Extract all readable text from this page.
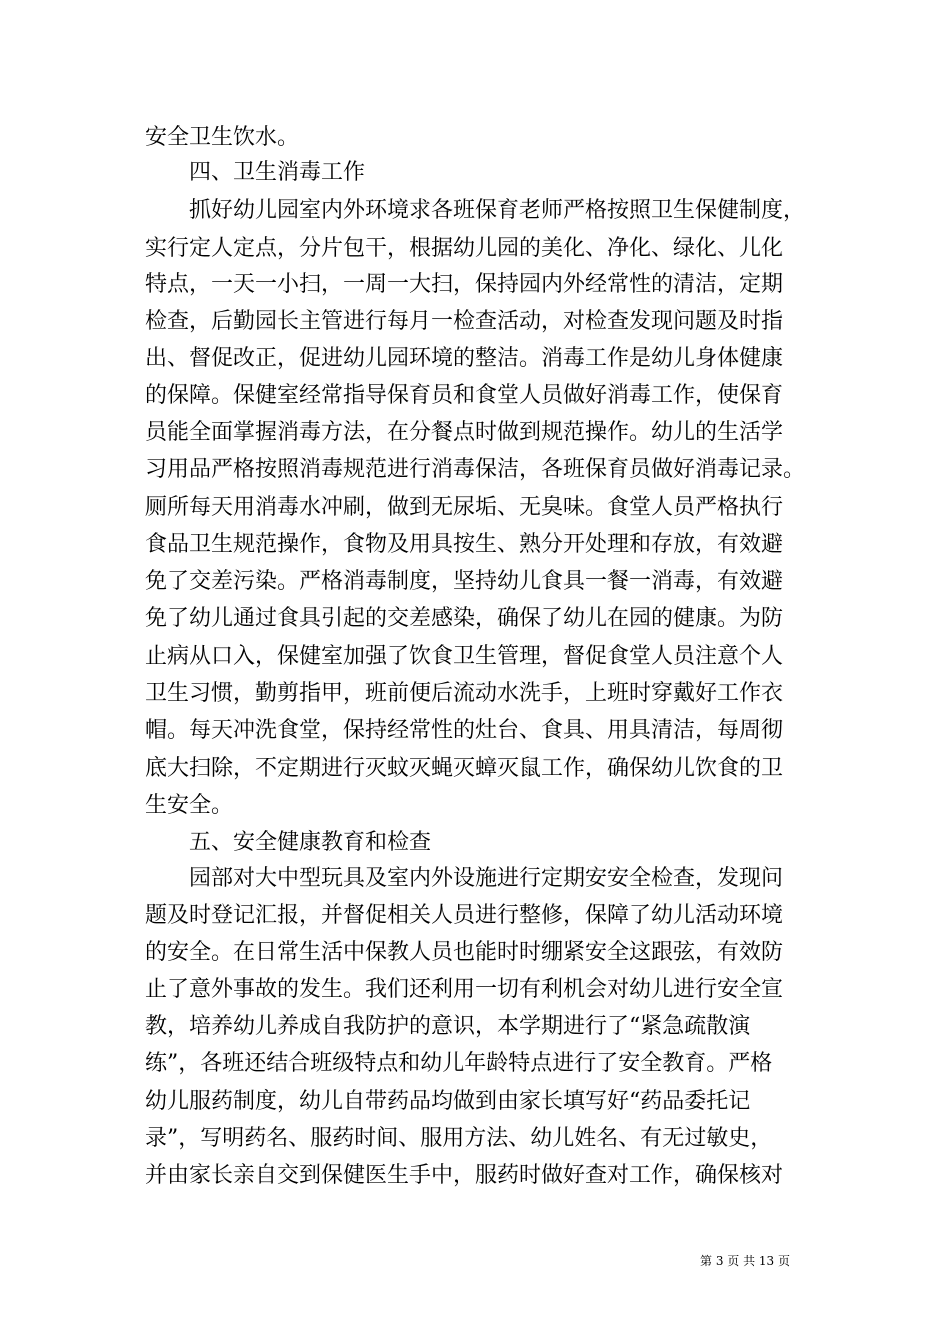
安全卫生饮水。
四、卫生消毒工作
抓好幼儿园室内外环境求各班保育老师严格按照卫生保健制度，
实行定人定点，分片包干，根据幼儿园的美化、净化、绿化、儿化
特点，一天一小扫，一周一大扫，保持园内外经常性的清洁，定期
检查，后勤园长主管进行每月一检查活动，对检查发现问题及时指
出、督促改正，促进幼儿园环境的整洁。消毒工作是幼儿身体健康
的保障。保健室经常指导保育员和食堂人员做好消毒工作，使保育
员能全面掌握消毒方法，在分餐点时做到规范操作。幼儿的生活学
习用品严格按照消毒规范进行消毒保洁，各班保育员做好消毒记录。
厕所每天用消毒水冲刷，做到无尿垢、无臭味。食堂人员严格执行
食品卫生规范操作，食物及用具按生、熟分开处理和存放，有效避
免了交差污染。严格消毒制度，坚持幼儿食具一餐一消毒，有效避
免了幼儿通过食具引起的交差感染，确保了幼儿在园的健康。为防
止病从口入，保健室加强了饮食卫生管理，督促食堂人员注意个人
卫生习惯，勤剪指甲，班前便后流动水洗手，上班时穿戴好工作衣
帽。每天冲洗食堂，保持经常性的灶台、食具、用具清洁，每周彻
底大扫除，不定期进行灭蚊灭蝇灭蟑灭鼠工作，确保幼儿饮食的卫
生安全。
五、安全健康教育和检查
园部对大中型玩具及室内外设施进行定期安安全检查，发现问
题及时登记汇报，并督促相关人员进行整修，保障了幼儿活动环境
的安全。在日常生活中保教人员也能时时绷紧安全这跟弦，有效防
止了意外事故的发生。我们还利用一切有利机会对幼儿进行安全宣
教，培养幼儿养成自我防护的意识，本学期进行了“紧急疏散演
练”，各班还结合班级特点和幼儿年龄特点进行了安全教育。严格
幼儿服药制度，幼儿自带药品均做到由家长填写好“药品委托记
录”，写明药名、服药时间、服用方法、幼儿姓名、有无过敏史，
并由家长亲自交到保健医生手中，服药时做好查对工作，确保核对
第 3 页 共 13 页
